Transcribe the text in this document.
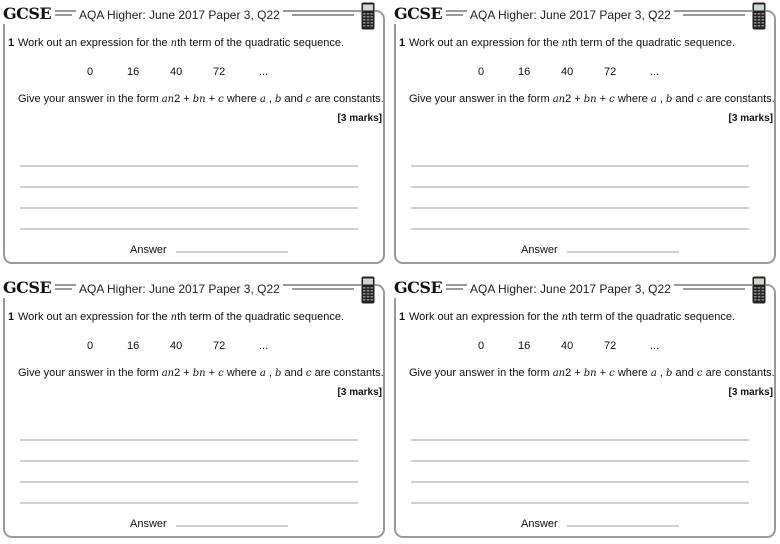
GCSE	AQA Higher: June 2017 Paper 3, Q22
1 Work out an expression for the nth term of the quadratic sequence.
0	16	40	72	...
Give your answer in the form an2 + bn + c where a , b and c are constants.
[3 marks]
Answer
GCSE	AQA Higher: June 2017 Paper 3, Q22
1 Work out an expression for the nth term of the quadratic sequence.
0	16	40	72	...
Give your answer in the form an2 + bn + c where a , b and c are constants.
[3 marks]
Answer
GCSE	AQA Higher: June 2017 Paper 3, Q22
1 Work out an expression for the nth term of the quadratic sequence.
0	16	40	72	...
Give your answer in the form an2 + bn + c where a , b and c are constants.
[3 marks]
Answer
GCSE	AQA Higher: June 2017 Paper 3, Q22
1 Work out an expression for the nth term of the quadratic sequence.
0	16	40	72	...
Give your answer in the form an2 + bn + c where a , b and c are constants.
[3 marks]
Answer
